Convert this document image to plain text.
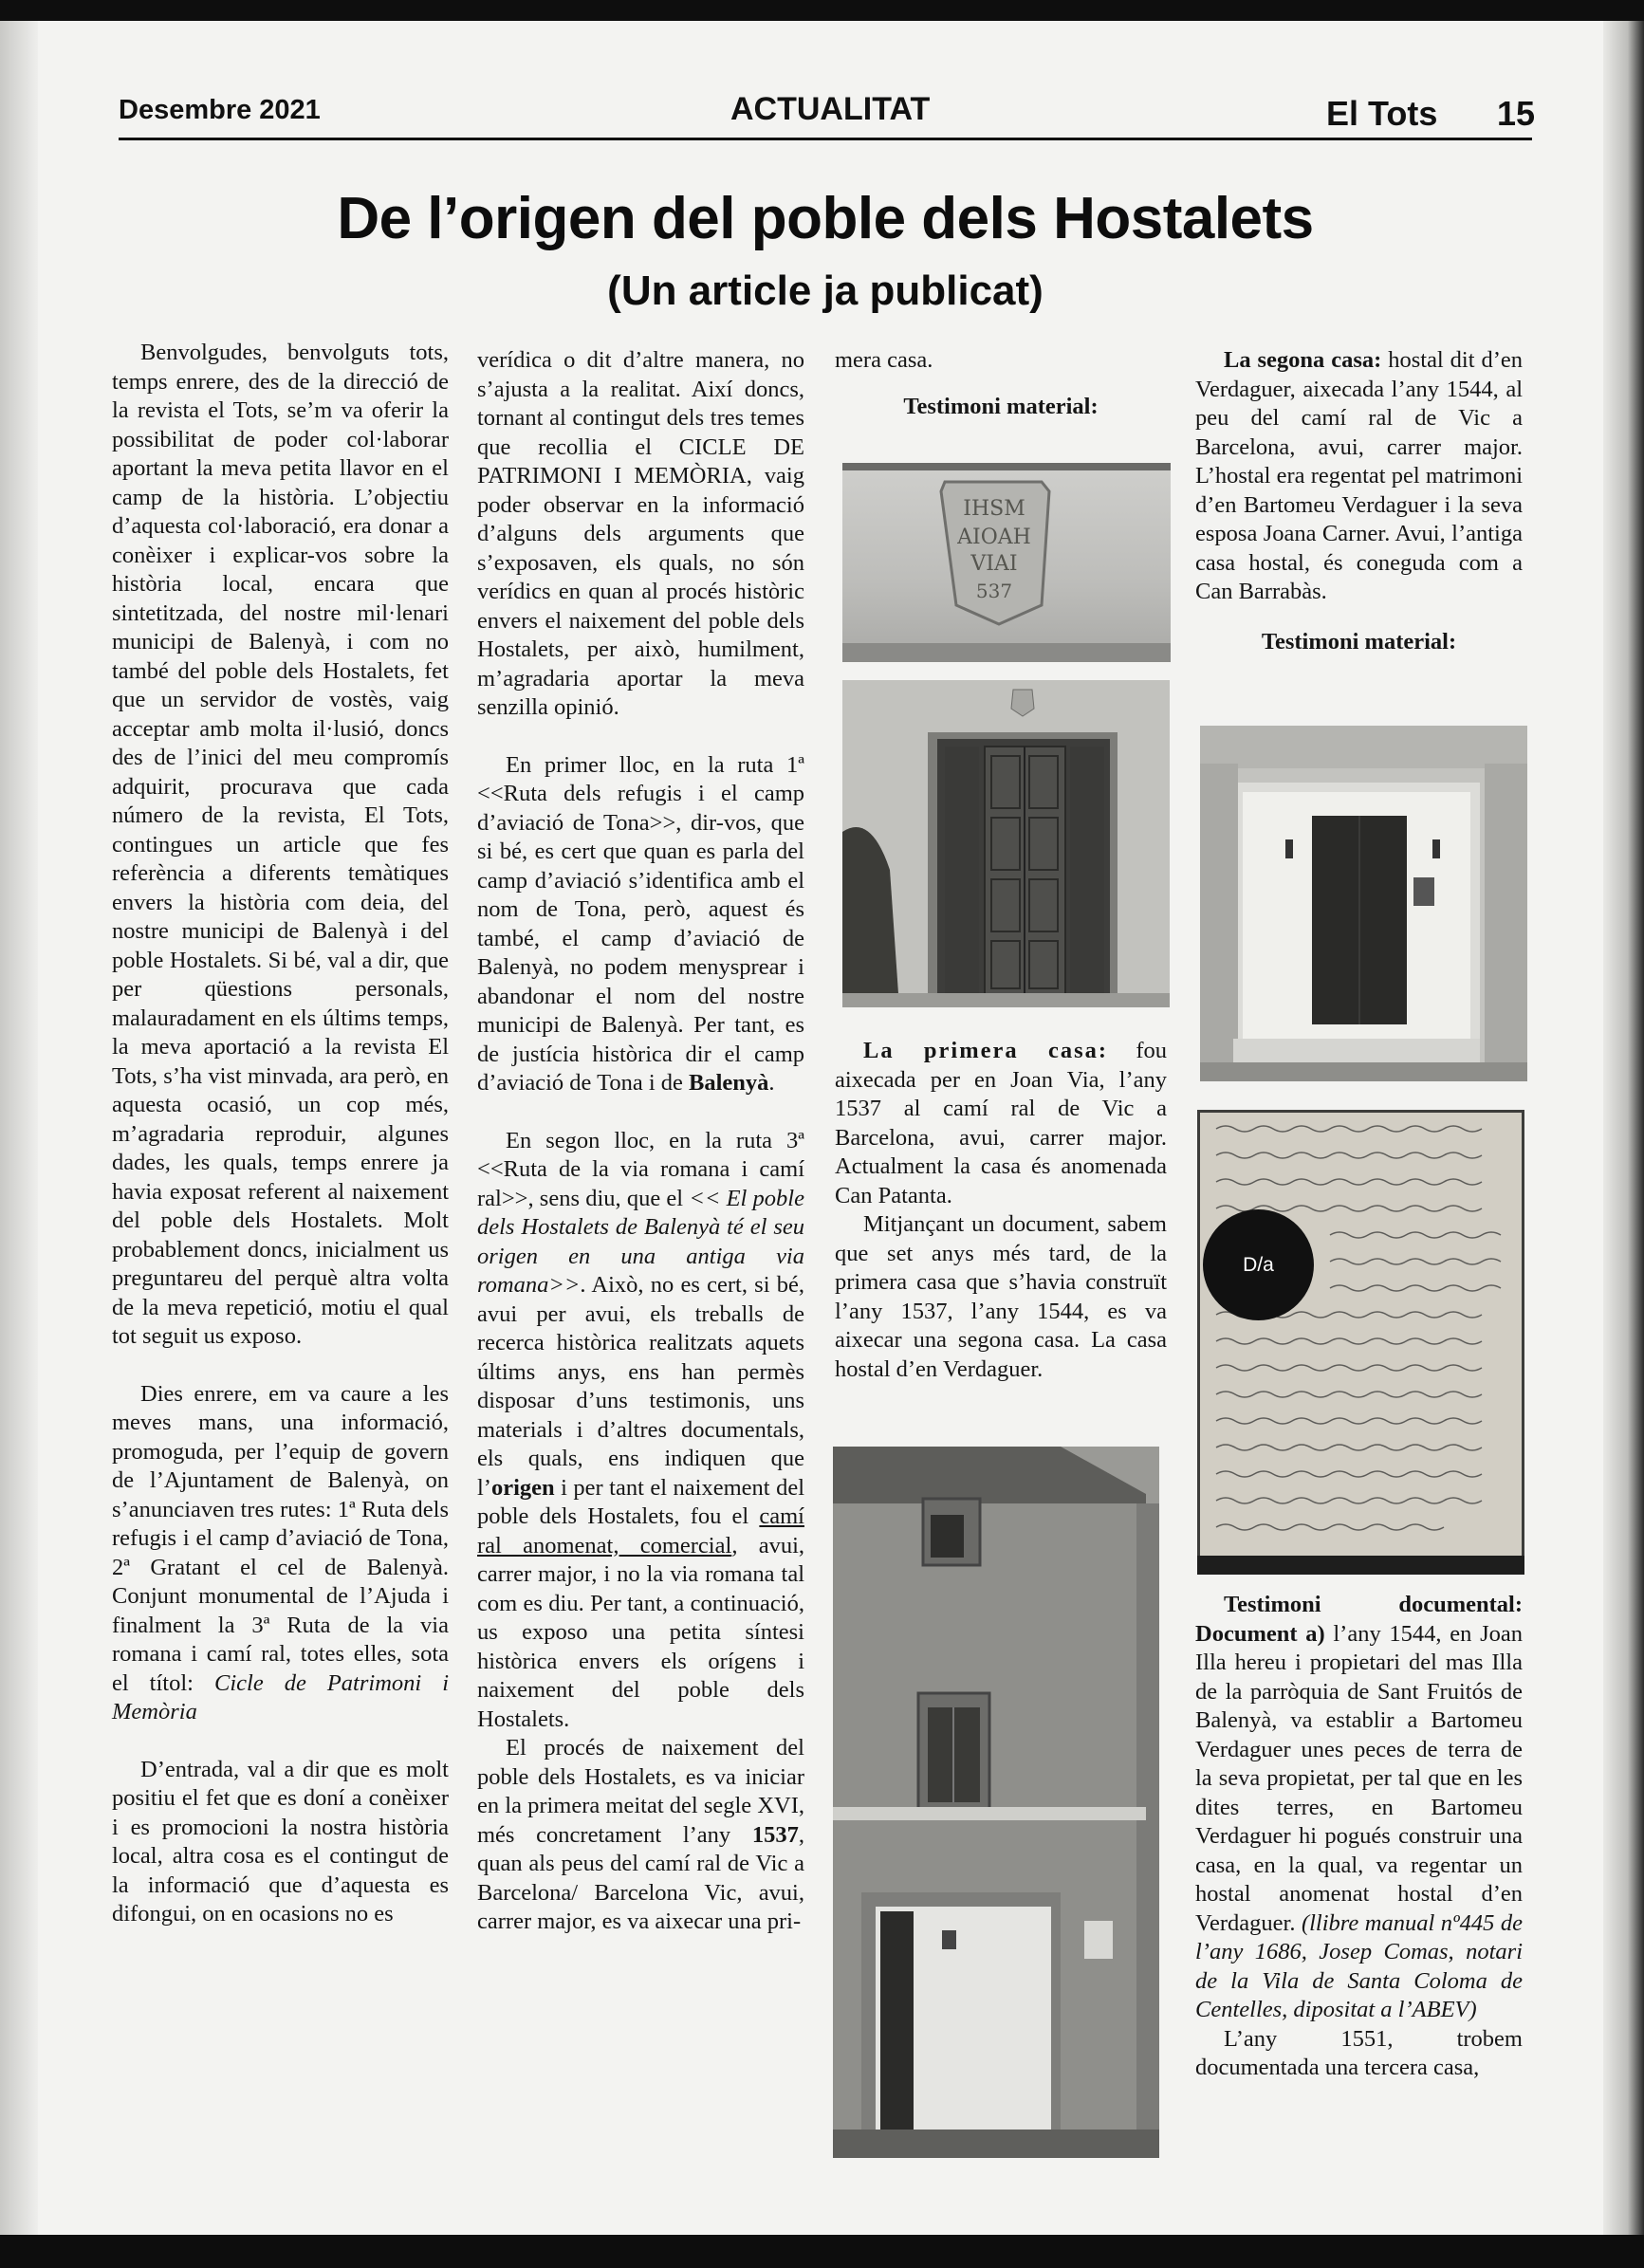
Desembre 2021	ACTUALITAT	El Tots 15
De l’origen del poble dels Hostalets
(Un article ja publicat)

Benvolgudes, benvolguts tots, temps enrere, des de la direcció de la revista el Tots, se’m va oferir la possibilitat de poder col·laborar aportant la meva petita llavor en el camp de la història. L’objectiu d’aquesta col·laboració, era donar a conèixer i explicar-vos sobre la història local, encara que sintetitzada, del nostre mil·lenari municipi de Balenyà, i com no també del poble dels Hostalets, fet que un servidor de vostès, vaig acceptar amb molta il·lusió, doncs des de l’inici del meu compromís adquirit, procurava que cada número de la revista, El Tots, contingues un article que fes referència a diferents temàtiques envers la història com deia, del nostre municipi de Balenyà i del poble Hostalets. Si bé, val a dir, que per qüestions personals, malauradament en els últims temps, la meva aportació a la revista El Tots, s’ha vist minvada, ara però, en aquesta ocasió, un cop més, m’agradaria reproduir, algunes dades, les quals, temps enrere ja havia exposat referent al naixement del poble dels Hostalets. Molt probablement doncs, inicialment us preguntareu del perquè altra volta de la meva repetició, motiu el qual tot seguit us exposo.

Dies enrere, em va caure a les meves mans, una informació, promoguda, per l’equip de govern de l’Ajuntament de Balenyà, on s’anunciaven tres rutes: 1ª Ruta dels refugis i el camp d’aviació de Tona, 2ª Gratant el cel de Balenyà. Conjunt monumental de l’Ajuda i finalment la 3ª Ruta de la via romana i camí ral, totes elles, sota el títol: Cicle de Patrimoni i Memòria

D’entrada, val a dir que es molt positiu el fet que es doní a conèixer i es promocioni la nostra història local, altra cosa es el contingut de la informació que d’aquesta es difongui, on en ocasions no es

verídica o dit d’altre manera, no s’ajusta a la realitat. Així doncs, tornant al contingut dels tres temes que recollia el CICLE DE PATRIMONI I MEMÒRIA, vaig poder observar en la informació d’alguns dels arguments que s’exposaven, els quals, no són verídics en quan al procés històric envers el naixement del poble dels Hostalets, per això, humilment, m’agradaria aportar la meva senzilla opinió.

En primer lloc, en la ruta 1ª <<Ruta dels refugis i el camp d’aviació de Tona>>, dir-vos, que si bé, es cert que quan es parla del camp d’aviació s’identifica amb el nom de Tona, però, aquest és també, el camp d’aviació de Balenyà, no podem menysprear i abandonar el nom del nostre municipi de Balenyà. Per tant, es de justícia històrica dir el camp d’aviació de Tona i de Balenyà.

En segon lloc, en la ruta 3ª <<Ruta de la via romana i camí ral>>, sens diu, que el << El poble dels Hostalets de Balenyà té el seu origen en una antiga via romana>>. Això, no es cert, si bé, avui per avui, els treballs de recerca històrica realitzats aquets últims anys, ens han permès disposar d’uns testimonis, uns materials i d’altres documentals, els quals, ens indiquen que l’origen i per tant el naixement del poble dels Hostalets, fou el camí ral anomenat, comercial, avui, carrer major, i no la via romana tal com es diu. Per tant, a continuació, us exposo una petita síntesi històrica envers els orígens i naixement del poble dels Hostalets.

El procés de naixement del poble dels Hostalets, es va iniciar en la primera meitat del segle XVI, més concretament l’any 1537, quan als peus del camí ral de Vic a Barcelona/ Barcelona Vic, avui, carrer major, es va aixecar una pri-

mera casa.

Testimoni material:

La primera casa: fou aixecada per en Joan Via, l’any 1537 al camí ral de Vic a Barcelona, avui, carrer major. Actualment la casa és anomenada Can Patanta.

Mitjançant un document, sabem que set anys més tard, de la primera casa que s’havia construït l’any 1537, l’any 1544, es va aixecar una segona casa. La casa hostal d’en Verdaguer.

IHSM
AIOAH
VIAI
537

La segona casa: hostal dit d’en Verdaguer, aixecada l’any 1544, al peu del camí ral de Vic a Barcelona, avui, carrer major. L’hostal era regentat pel matrimoni d’en Bartomeu Verdaguer i la seva esposa Joana Carner. Avui, l’antiga casa hostal, és coneguda com a Can Barrabàs.

Testimoni material:

D/a

Testimoni documental: Document a) l’any 1544, en Joan Illa hereu i propietari del mas Illa de la parròquia de Sant Fruitós de Balenyà, va establir a Bartomeu Verdaguer unes peces de terra de la seva propietat, per tal que en les dites terres, en Bartomeu Verdaguer hi pogués construir una casa, en la qual, va regentar un hostal anomenat hostal d’en Verdaguer. (llibre manual nº445 de l’any 1686, Josep Comas, notari de la Vila de Santa Coloma de Centelles, dipositat a l’ABEV)

L’any 1551, trobem documentada una tercera casa,
